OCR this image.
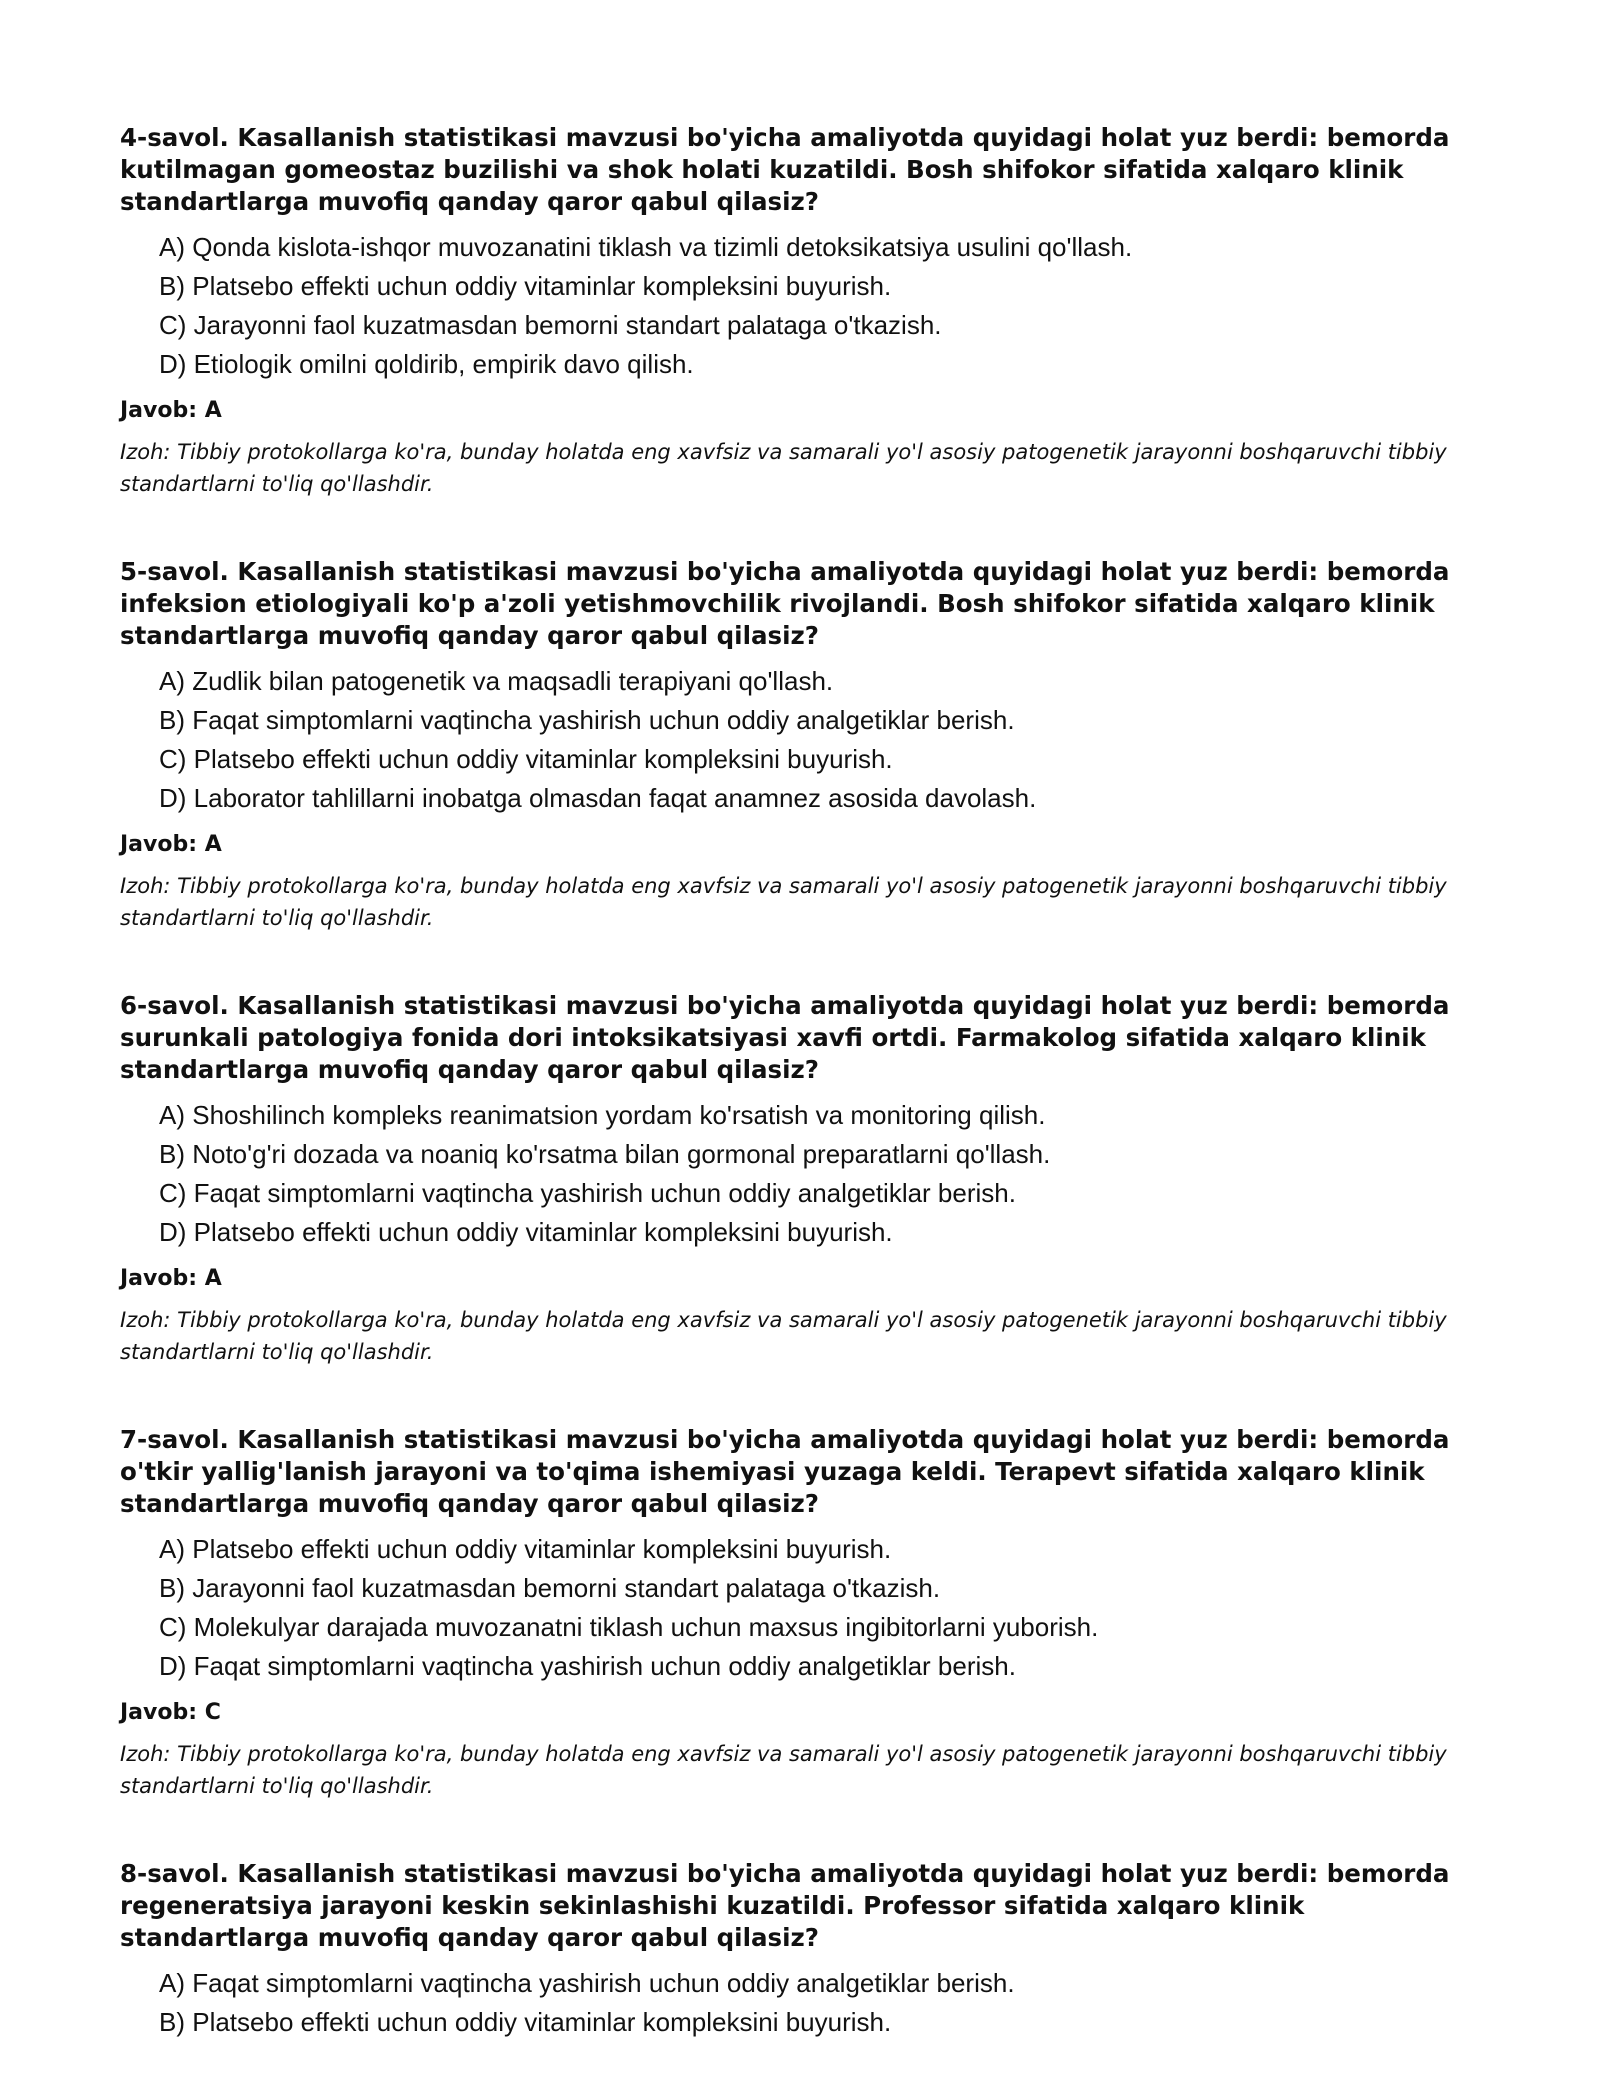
4-savol. Kasallanish statistikasi mavzusi bo'yicha amaliyotda quyidagi holat yuz berdi: bemorda kutilmagan gomeostaz buzilishi va shok holati kuzatildi. Bosh shifokor sifatida xalqaro klinik standartlarga muvofiq qanday qaror qabul qilasiz?

A) Qonda kislota-ishqor muvozanatini tiklash va tizimli detoksikatsiya usulini qo'llash.
B) Platsebo effekti uchun oddiy vitaminlar kompleksini buyurish.
C) Jarayonni faol kuzatmasdan bemorni standart palataga o'tkazish.
D) Etiologik omilni qoldirib, empirik davo qilish.

Javob: A

Izoh: Tibbiy protokollarga ko'ra, bunday holatda eng xavfsiz va samarali yo'l asosiy patogenetik jarayonni boshqaruvchi tibbiy standartlarni to'liq qo'llashdir.

5-savol. Kasallanish statistikasi mavzusi bo'yicha amaliyotda quyidagi holat yuz berdi: bemorda infeksion etiologiyali ko'p a'zoli yetishmovchilik rivojlandi. Bosh shifokor sifatida xalqaro klinik standartlarga muvofiq qanday qaror qabul qilasiz?

A) Zudlik bilan patogenetik va maqsadli terapiyani qo'llash.
B) Faqat simptomlarni vaqtincha yashirish uchun oddiy analgetiklar berish.
C) Platsebo effekti uchun oddiy vitaminlar kompleksini buyurish.
D) Laborator tahlillarni inobatga olmasdan faqat anamnez asosida davolash.

Javob: A

Izoh: Tibbiy protokollarga ko'ra, bunday holatda eng xavfsiz va samarali yo'l asosiy patogenetik jarayonni boshqaruvchi tibbiy standartlarni to'liq qo'llashdir.

6-savol. Kasallanish statistikasi mavzusi bo'yicha amaliyotda quyidagi holat yuz berdi: bemorda surunkali patologiya fonida dori intoksikatsiyasi xavfi ortdi. Farmakolog sifatida xalqaro klinik standartlarga muvofiq qanday qaror qabul qilasiz?

A) Shoshilinch kompleks reanimatsion yordam ko'rsatish va monitoring qilish.
B) Noto'g'ri dozada va noaniq ko'rsatma bilan gormonal preparatlarni qo'llash.
C) Faqat simptomlarni vaqtincha yashirish uchun oddiy analgetiklar berish.
D) Platsebo effekti uchun oddiy vitaminlar kompleksini buyurish.

Javob: A

Izoh: Tibbiy protokollarga ko'ra, bunday holatda eng xavfsiz va samarali yo'l asosiy patogenetik jarayonni boshqaruvchi tibbiy standartlarni to'liq qo'llashdir.

7-savol. Kasallanish statistikasi mavzusi bo'yicha amaliyotda quyidagi holat yuz berdi: bemorda o'tkir yallig'lanish jarayoni va to'qima ishemiyasi yuzaga keldi. Terapevt sifatida xalqaro klinik standartlarga muvofiq qanday qaror qabul qilasiz?

A) Platsebo effekti uchun oddiy vitaminlar kompleksini buyurish.
B) Jarayonni faol kuzatmasdan bemorni standart palataga o'tkazish.
C) Molekulyar darajada muvozanatni tiklash uchun maxsus ingibitorlarni yuborish.
D) Faqat simptomlarni vaqtincha yashirish uchun oddiy analgetiklar berish.

Javob: C

Izoh: Tibbiy protokollarga ko'ra, bunday holatda eng xavfsiz va samarali yo'l asosiy patogenetik jarayonni boshqaruvchi tibbiy standartlarni to'liq qo'llashdir.

8-savol. Kasallanish statistikasi mavzusi bo'yicha amaliyotda quyidagi holat yuz berdi: bemorda regeneratsiya jarayoni keskin sekinlashishi kuzatildi. Professor sifatida xalqaro klinik standartlarga muvofiq qanday qaror qabul qilasiz?

A) Faqat simptomlarni vaqtincha yashirish uchun oddiy analgetiklar berish.
B) Platsebo effekti uchun oddiy vitaminlar kompleksini buyurish.
